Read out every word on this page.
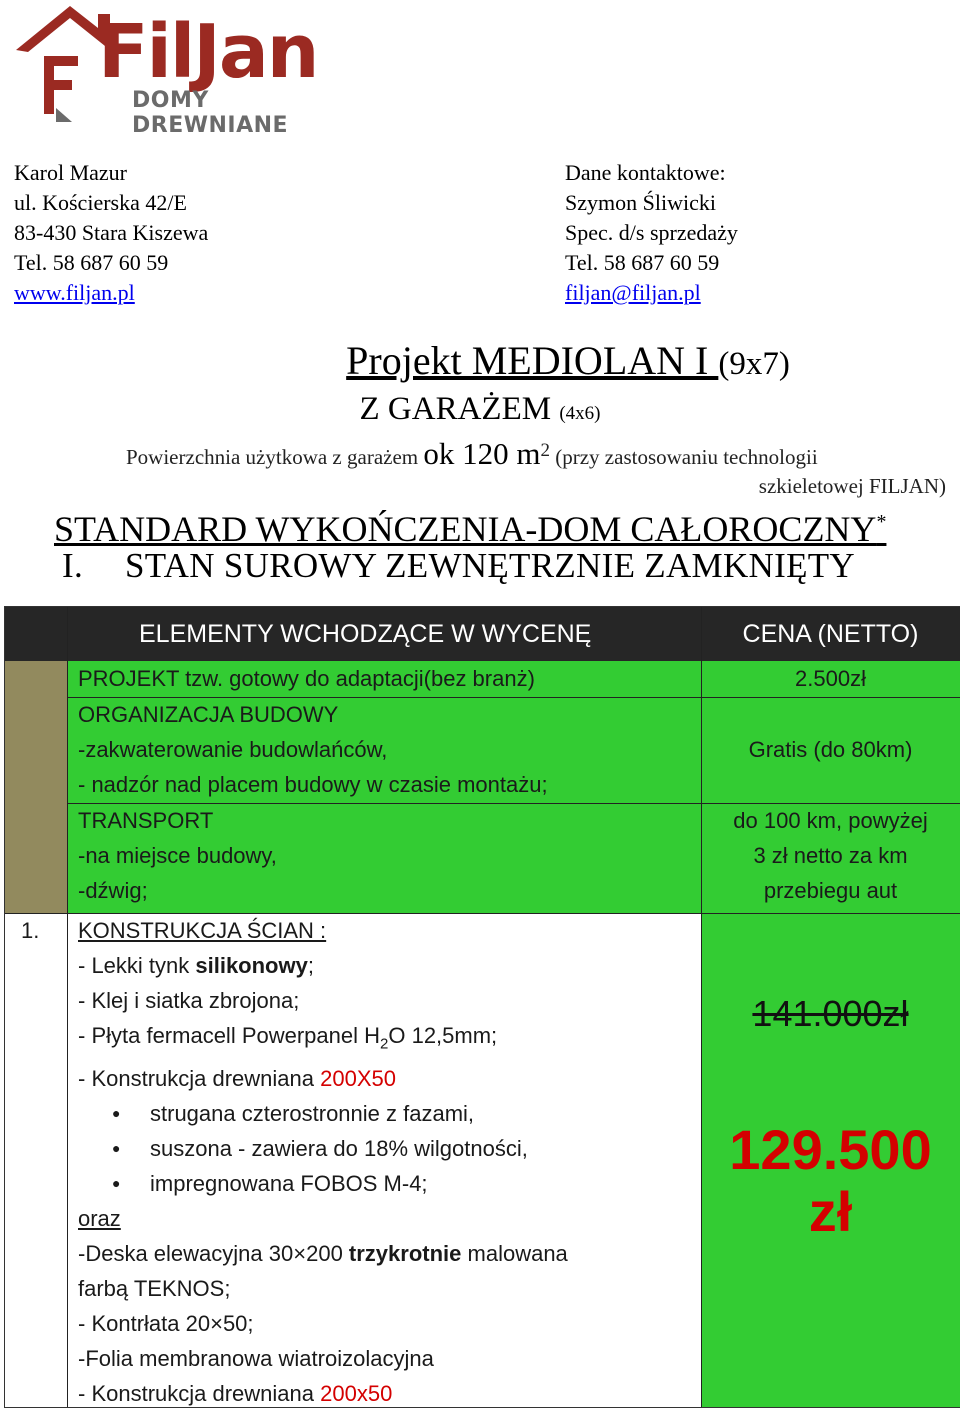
FilJan
DOMY DREWNIANE
Karol Mazur
ul. Kościerska 42/E
83-430 Stara Kiszewa
Tel. 58 687 60 59
www.filjan.pl
Dane kontaktowe:
Szymon Śliwicki
Spec. d/s sprzedaży
Tel. 58 687 60 59
filjan@filjan.pl
Projekt MEDIOLAN I (9x7)
Z GARAŻEM (4x6)
Powierzchnia użytkowa z garażem ok 120 $m^2$ (przy zastosowaniu technologii
szkieletowej FILJAN)
STANDARD WYKOŃCZENIA-DOM CAŁOROCZNY*
I. STAN SUROWY ZEWNĘTRZNIE ZAMKNIĘTY
ELEMENTY WCHODZĄCE W WYCENĘ	CENA (NETTO)
PROJEKT tzw. gotowy do adaptacji(bez branż)
ORGANIZACJA BUDOWY
-zakwaterowanie budowlańców,
- nadzór nad placem budowy w czasie montażu;
TRANSPORT
-na miejsce budowy,
-dźwig;
2.500zł
Gratis (do 80km)
do 100 km, powyżej
3 zł netto za km
przebiegu aut
1.	KONSTRUKCJA ŚCIAN :
- Lekki tynk silikonowy;
- Klej i siatka zbrojona;
- Płyta fermacell Powerpanel $H_2O$ 12,5mm;
- Konstrukcja drewniana 200X50
● strugana czterostronnie z fazami,
● suszona - zawiera do 18% wilgotności,
● impregnowana FOBOS M-4;
oraz
-Deska elewacyjna 30×200 trzykrotnie malowana
farbą TEKNOS;
- Kontrłata 20×50;
-Folia membranowa wiatroizolacyjna
- Konstrukcja drewniana 200x50
141.000zł
129.500
zł
